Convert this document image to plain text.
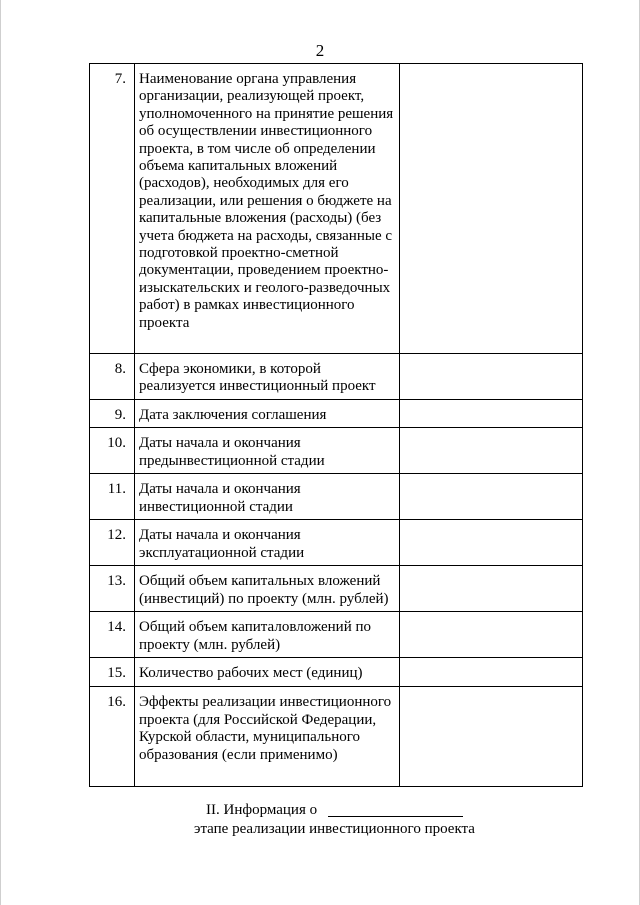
2
7.	Наименование органа управления организации, реализующей проект, уполномоченного на принятие решения об осуществлении инвестиционного проекта, в том числе об определении объема капитальных вложений (расходов), необходимых для его реализации, или решения о бюджете на капитальные вложения (расходы) (без учета бюджета на расходы, связанные с подготовкой проектно-сметной документации, проведением проектно-изыскательских и геолого-разведочных работ) в рамках инвестиционного проекта	
8.	Сфера экономики, в которой реализуется инвестиционный проект	
9.	Дата заключения соглашения	
10.	Даты начала и окончания предынвестиционной стадии	
11.	Даты начала и окончания инвестиционной стадии	
12.	Даты начала и окончания эксплуатационной стадии	
13.	Общий объем капитальных вложений (инвестиций) по проекту (млн. рублей)	
14.	Общий объем капиталовложений по проекту (млн. рублей)	
15.	Количество рабочих мест (единиц)	
16.	Эффекты реализации инвестиционного проекта (для Российской Федерации, Курской области, муниципального образования (если применимо)	
II. Информация о
этапе реализации инвестиционного проекта
